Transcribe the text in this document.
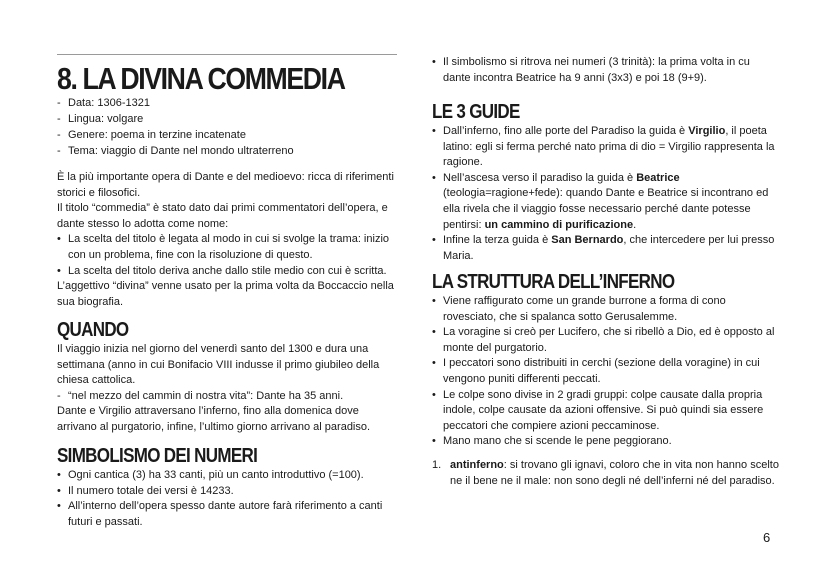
8. LA DIVINA COMMEDIA
- Data: 1306-1321
- Lingua: volgare
- Genere: poema in terzine incatenate
- Tema: viaggio di Dante nel mondo ultraterreno

È la più importante opera di Dante e del medioevo: ricca di riferimenti storici e filosofici.

Il titolo “commedia” è stato dato dai primi commentatori dell’opera, e dante stesso lo adotta come nome:

• La scelta del titolo è legata al modo in cui si svolge la trama: inizio con un problema, fine con la risoluzione di questo.
• La scelta del titolo deriva anche dallo stile medio con cui è scritta.

L’aggettivo “divina” venne usato per la prima volta da Boccaccio nella sua biografia.

QUANDO

Il viaggio inizia nel giorno del venerdì santo del 1300 e dura una settimana (anno in cui Bonifacio VIII indusse il primo giubileo della chiesa cattolica.

- “nel mezzo del cammin di nostra vita”: Dante ha 35 anni.

Dante e Virgilio attraversano l’inferno, fino alla domenica dove arrivano al purgatorio, infine, l’ultimo giorno arrivano al paradiso.

SIMBOLISMO DEI NUMERI
• Ogni cantica (3) ha 33 canti, più un canto introduttivo (=100).
• Il numero totale dei versi è 14233.
• All’interno dell’opera spesso dante autore farà riferimento a canti futuri e passati.
• Il simbolismo si ritrova nei numeri (3 trinità): la prima volta in cu dante incontra Beatrice ha 9 anni (3x3) e poi 18 (9+9).
LE 3 GUIDE
• Dall’inferno, fino alle porte del Paradiso la guida è Virgilio, il poeta latino: egli si ferma perché nato prima di dio = Virgilio rappresenta la ragione.
• Nell’ascesa verso il paradiso la guida è Beatrice (teologia=ragione+fede): quando Dante e Beatrice si incontrano ed ella rivela che il viaggio fosse necessario perché dante potesse pentirsi: un cammino di purificazione.
• Infine la terza guida è San Bernardo, che intercedere per lui presso Maria.
LA STRUTTURA DELL’INFERNO
• Viene raffigurato come un grande burrone a forma di cono rovesciato, che si spalanca sotto Gerusalemme.
• La voragine si creò per Lucifero, che si ribellò a Dio, ed è opposto al monte del purgatorio.
• I peccatori sono distribuiti in cerchi (sezione della voragine) in cui vengono puniti differenti peccati.
• Le colpe sono divise in 2 gradi gruppi: colpe causate dalla propria indole, colpe causate da azioni offensive. Si può quindi sia essere peccatori che compiere azioni peccaminose.
• Mano mano che si scende le pene peggiorano.
1. antinferno: si trovano gli ignavi, coloro che in vita non hanno scelto ne il bene ne il male: non sono degli né dell’inferni né del paradiso.
6
